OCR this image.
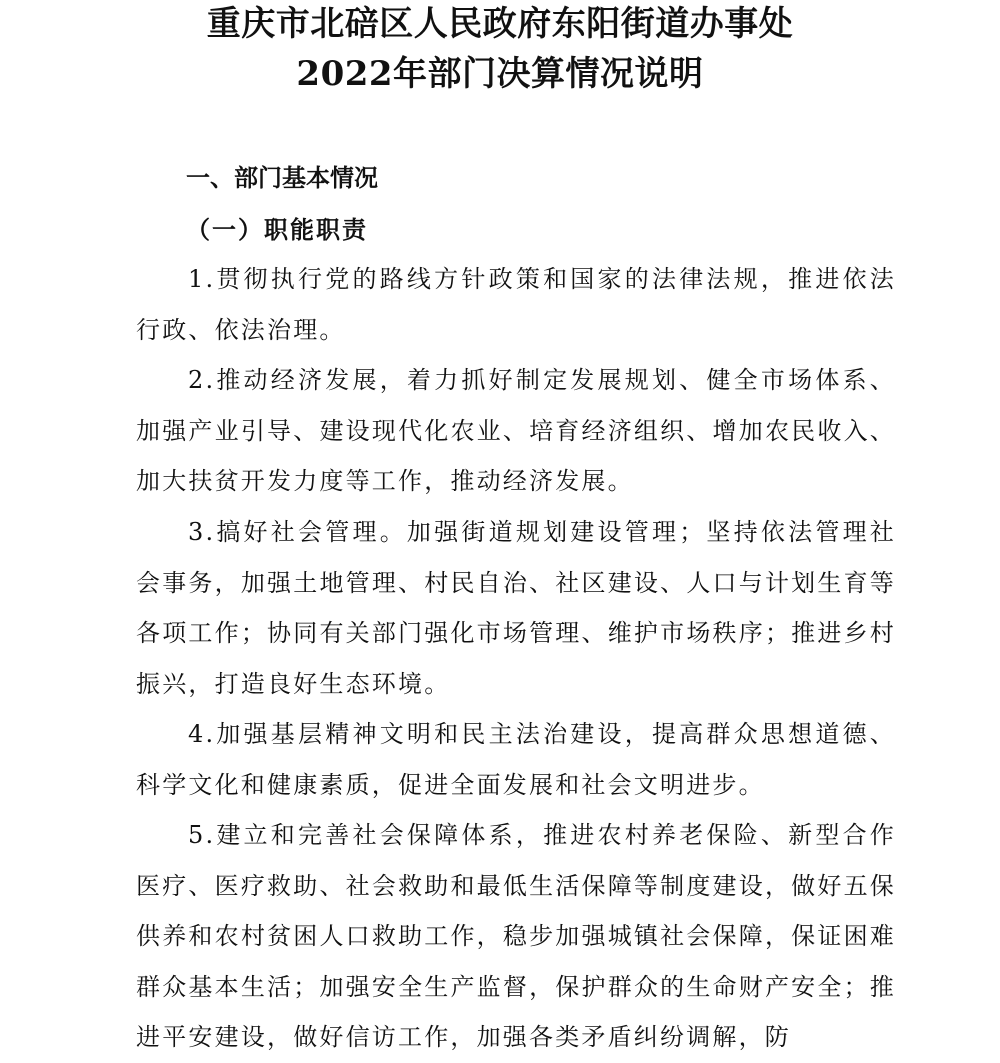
重庆市北碚区人民政府东阳街道办事处
2022年部门决算情况说明
一、部门基本情况
（一）职能职责

1.贯彻执行党的路线方针政策和国家的法律法规，推进依法行政、依法治理。

2.推动经济发展，着力抓好制定发展规划、健全市场体系、加强产业引导、建设现代化农业、培育经济组织、增加农民收入、加大扶贫开发力度等工作，推动经济发展。

3.搞好社会管理。加强街道规划建设管理；坚持依法管理社会事务，加强土地管理、村民自治、社区建设、人口与计划生育等各项工作；协同有关部门强化市场管理、维护市场秩序；推进乡村振兴，打造良好生态环境。

4.加强基层精神文明和民主法治建设，提高群众思想道德、科学文化和健康素质，促进全面发展和社会文明进步。

5.建立和完善社会保障体系，推进农村养老保险、新型合作医疗、医疗救助、社会救助和最低生活保障等制度建设，做好五保供养和农村贫困人口救助工作，稳步加强城镇社会保障，保证困难群众基本生活；加强安全生产监督，保护群众的生命财产安全；推进平安建设，做好信访工作，加强各类矛盾纠纷调解，防
